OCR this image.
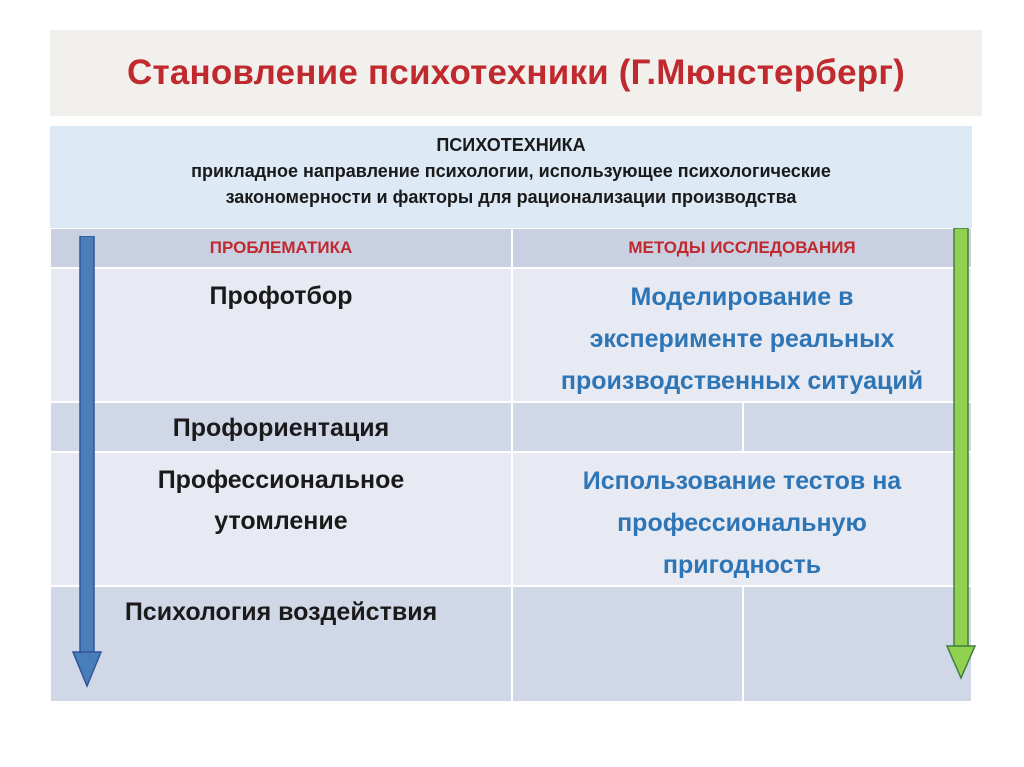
Становление психотехники (Г.Мюнстерберг)
ПСИХОТЕХНИКА
прикладное направление психологии, использующее психологические
закономерности и факторы для рационализации производства
ПРОБЛЕМАТИКА	МЕТОДЫ ИССЛЕДОВАНИЯ
Профотбор
Профориентация
Профессиональное
утомление
Психология воздействия
Моделирование в
эксперименте реальных
производственных ситуаций
Использование тестов на
профессиональную
пригодность
